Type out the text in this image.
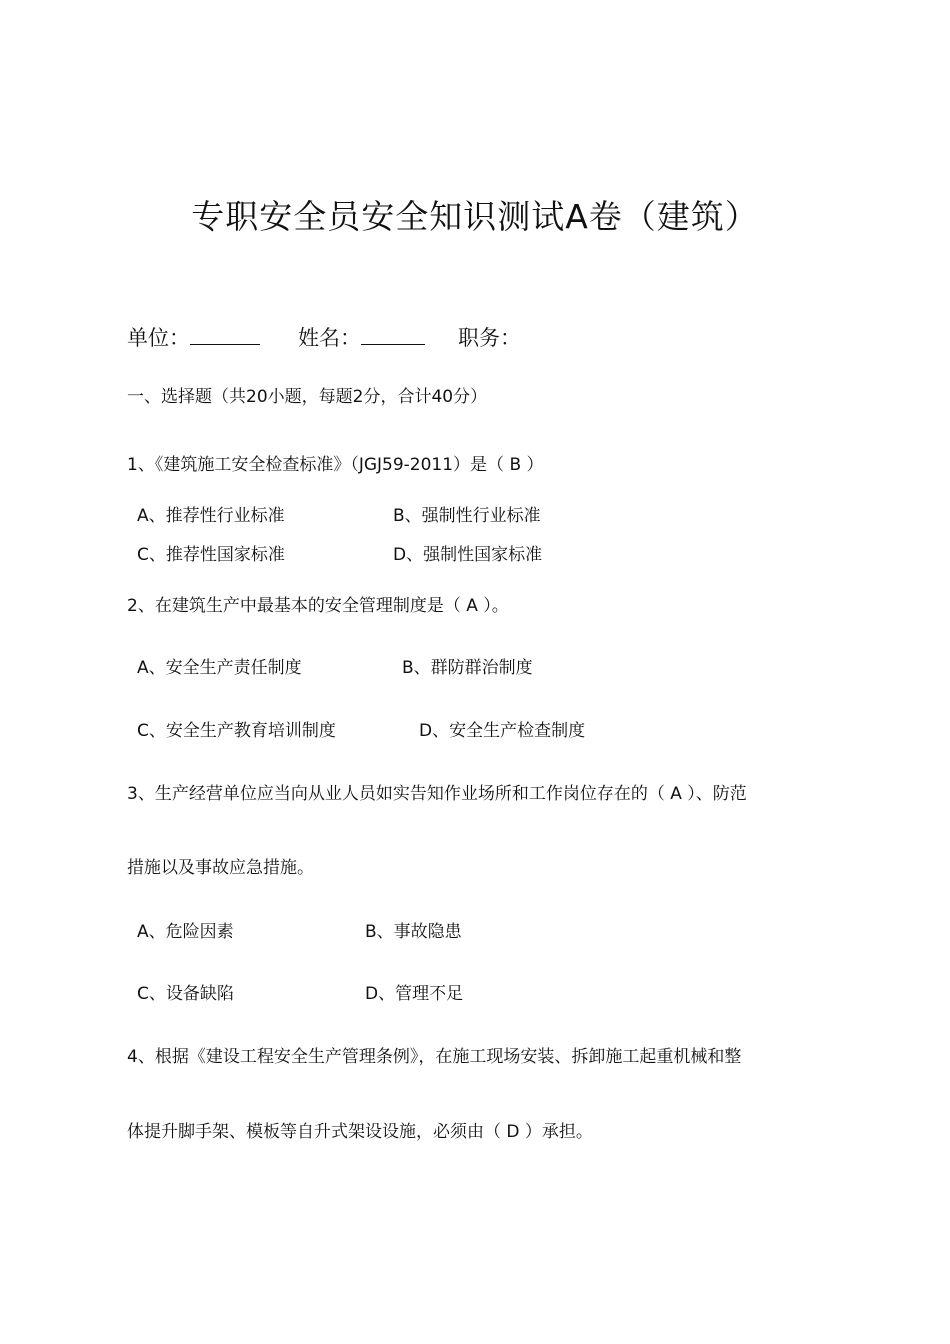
专职安全员安全知识测试A卷（建筑）
单位：	姓名：	职务：
一、选择题（共20小题，每题2分，合计40分）
1、《建筑施工安全检查标准》（JGJ59-2011）是（ B ）
A、推荐性行业标准	B、强制性行业标准
C、推荐性国家标准	D、强制性国家标准
2、在建筑生产中最基本的安全管理制度是（ A ）。
A、安全生产责任制度	B、群防群治制度
C、安全生产教育培训制度	D、安全生产检查制度
3、生产经营单位应当向从业人员如实告知作业场所和工作岗位存在的（ A ）、防范
措施以及事故应急措施。
A、危险因素	B、事故隐患
C、设备缺陷	D、管理不足
4、根据《建设工程安全生产管理条例》，在施工现场安装、拆卸施工起重机械和整
体提升脚手架、模板等自升式架设设施，必须由（ D ）承担。
